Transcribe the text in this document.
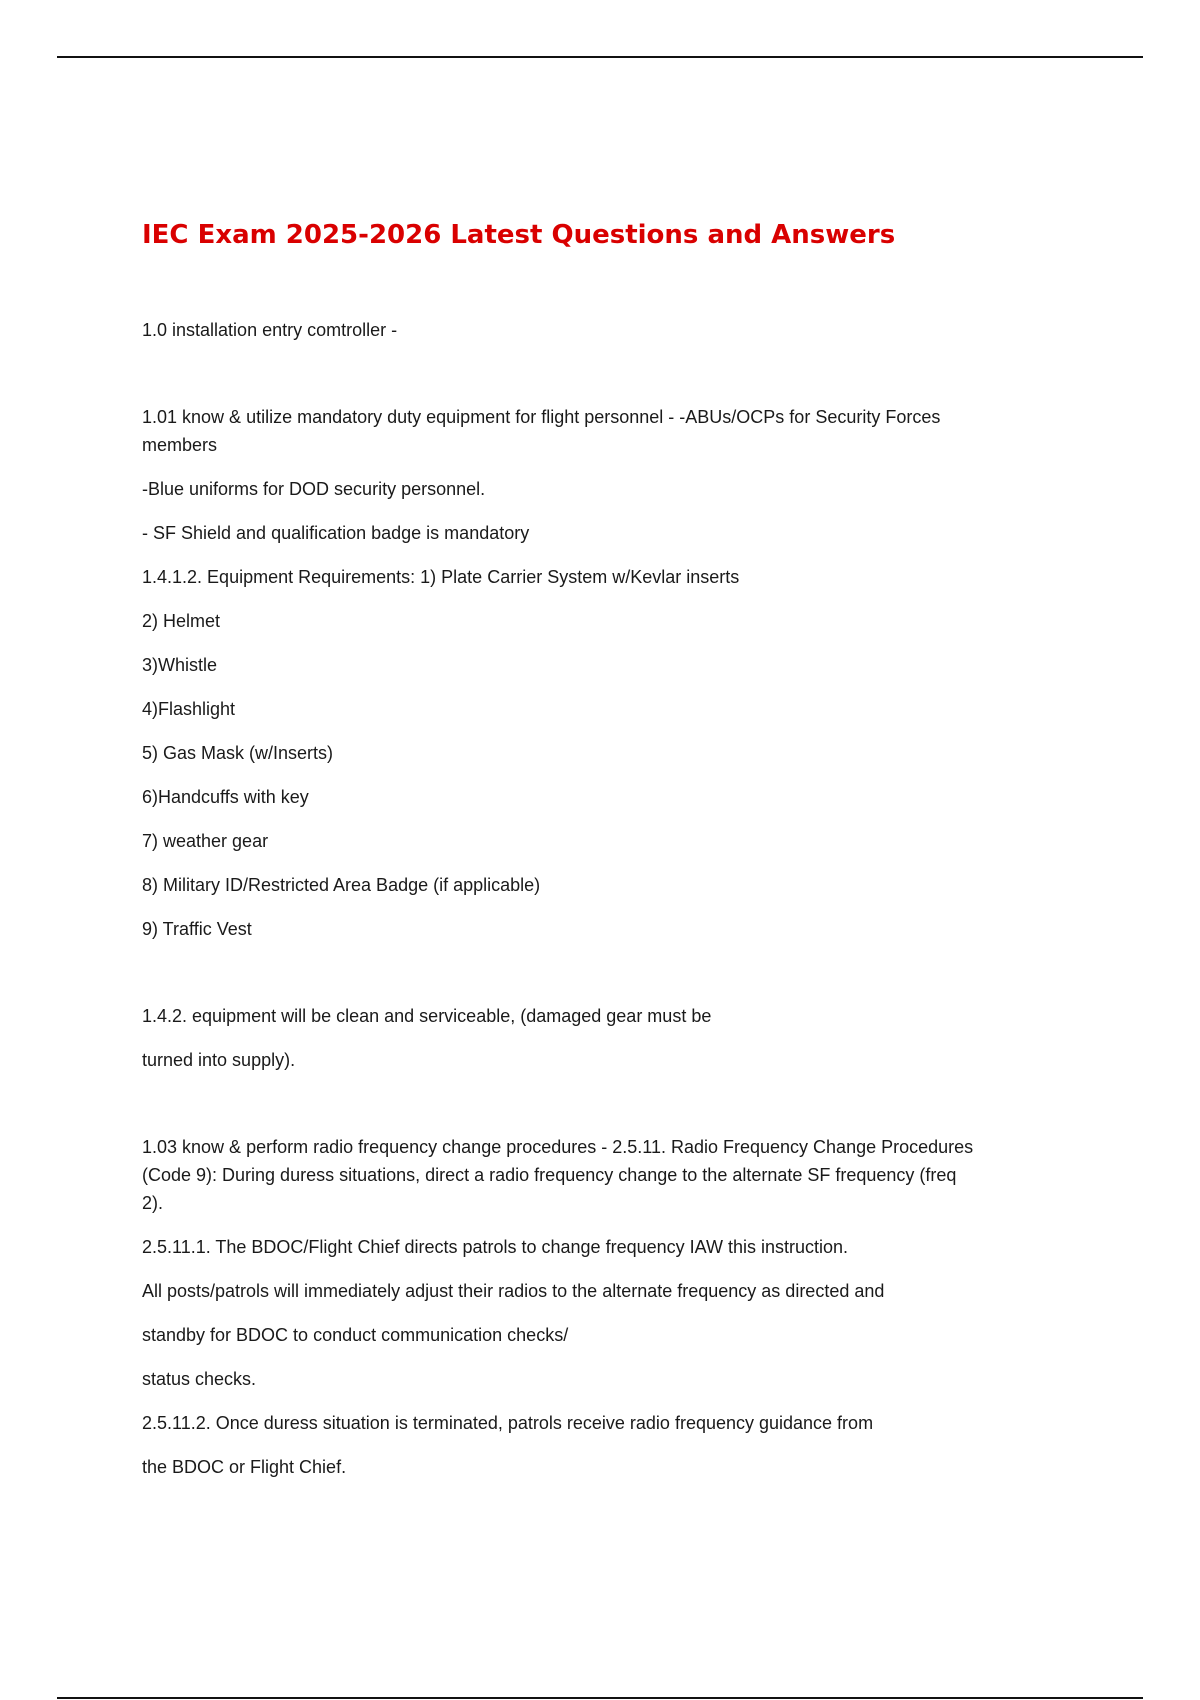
IEC Exam 2025-2026 Latest Questions and Answers

1.0 installation entry comtroller -

1.01 know & utilize mandatory duty equipment for flight personnel - -ABUs/OCPs for Security Forces

members

-Blue uniforms for DOD security personnel.

- SF Shield and qualification badge is mandatory

1.4.1.2. Equipment Requirements: 1) Plate Carrier System w/Kevlar inserts

2) Helmet

3)Whistle

4)Flashlight

5) Gas Mask (w/Inserts)

6)Handcuffs with key

7) weather gear

8) Military ID/Restricted Area Badge (if applicable)

9) Traffic Vest

1.4.2. equipment will be clean and serviceable, (damaged gear must be

turned into supply).

1.03 know & perform radio frequency change procedures - 2.5.11. Radio Frequency Change Procedures

(Code 9): During duress situations, direct a radio frequency change to the alternate SF frequency (freq

2).

2.5.11.1. The BDOC/Flight Chief directs patrols to change frequency IAW this instruction.

All posts/patrols will immediately adjust their radios to the alternate frequency as directed and

standby for BDOC to conduct communication checks/

status checks.

2.5.11.2. Once duress situation is terminated, patrols receive radio frequency guidance from

the BDOC or Flight Chief.
